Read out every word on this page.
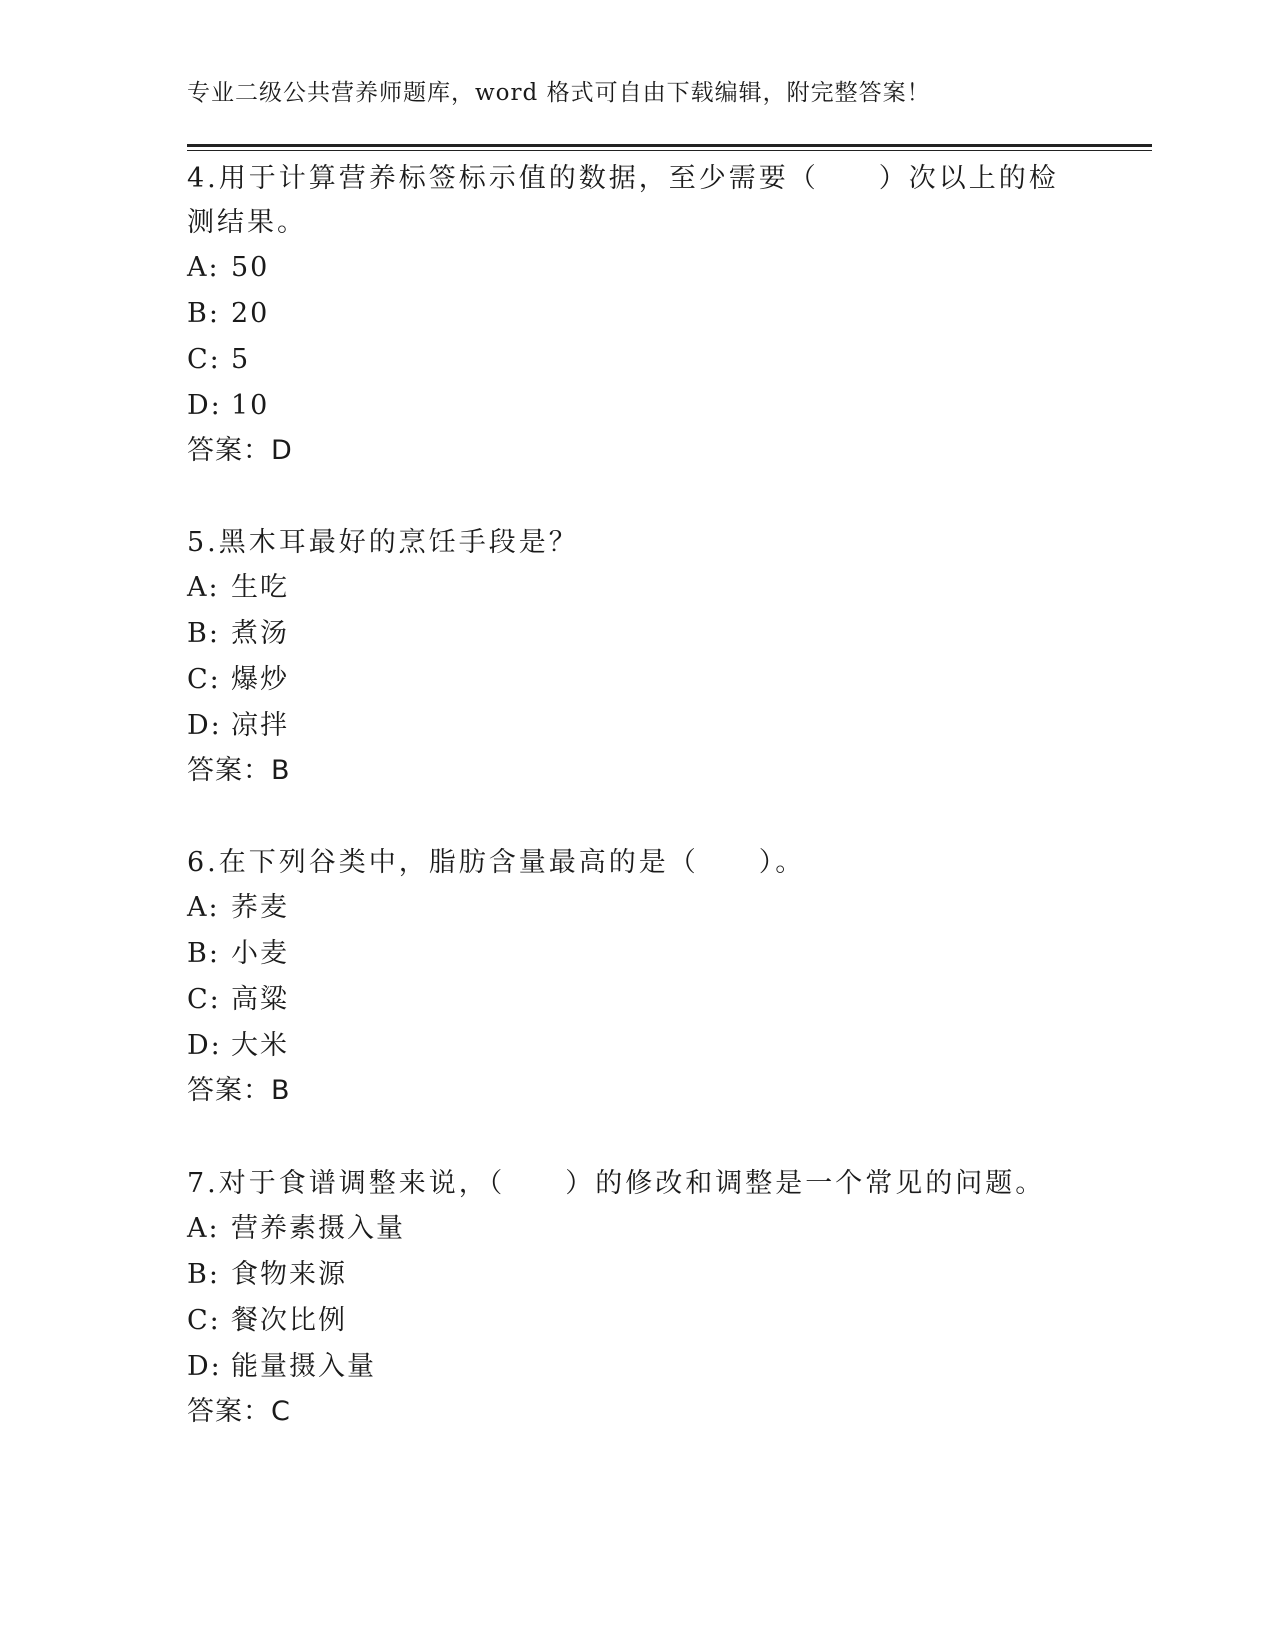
专业二级公共营养师题库，word 格式可自由下载编辑，附完整答案！

4.用于计算营养标签标示值的数据，至少需要（　　）次以上的检测结果。

A: 50

B: 20

C: 5

D: 10

答案：D

5.黑木耳最好的烹饪手段是？

A: 生吃

B: 煮汤

C: 爆炒

D: 凉拌

答案：B

6.在下列谷类中，脂肪含量最高的是（　　）。

A: 荞麦

B: 小麦

C: 高粱

D: 大米

答案：B

7.对于食谱调整来说，（　　）的修改和调整是一个常见的问题。

A: 营养素摄入量

B: 食物来源

C: 餐次比例

D: 能量摄入量

答案：C
